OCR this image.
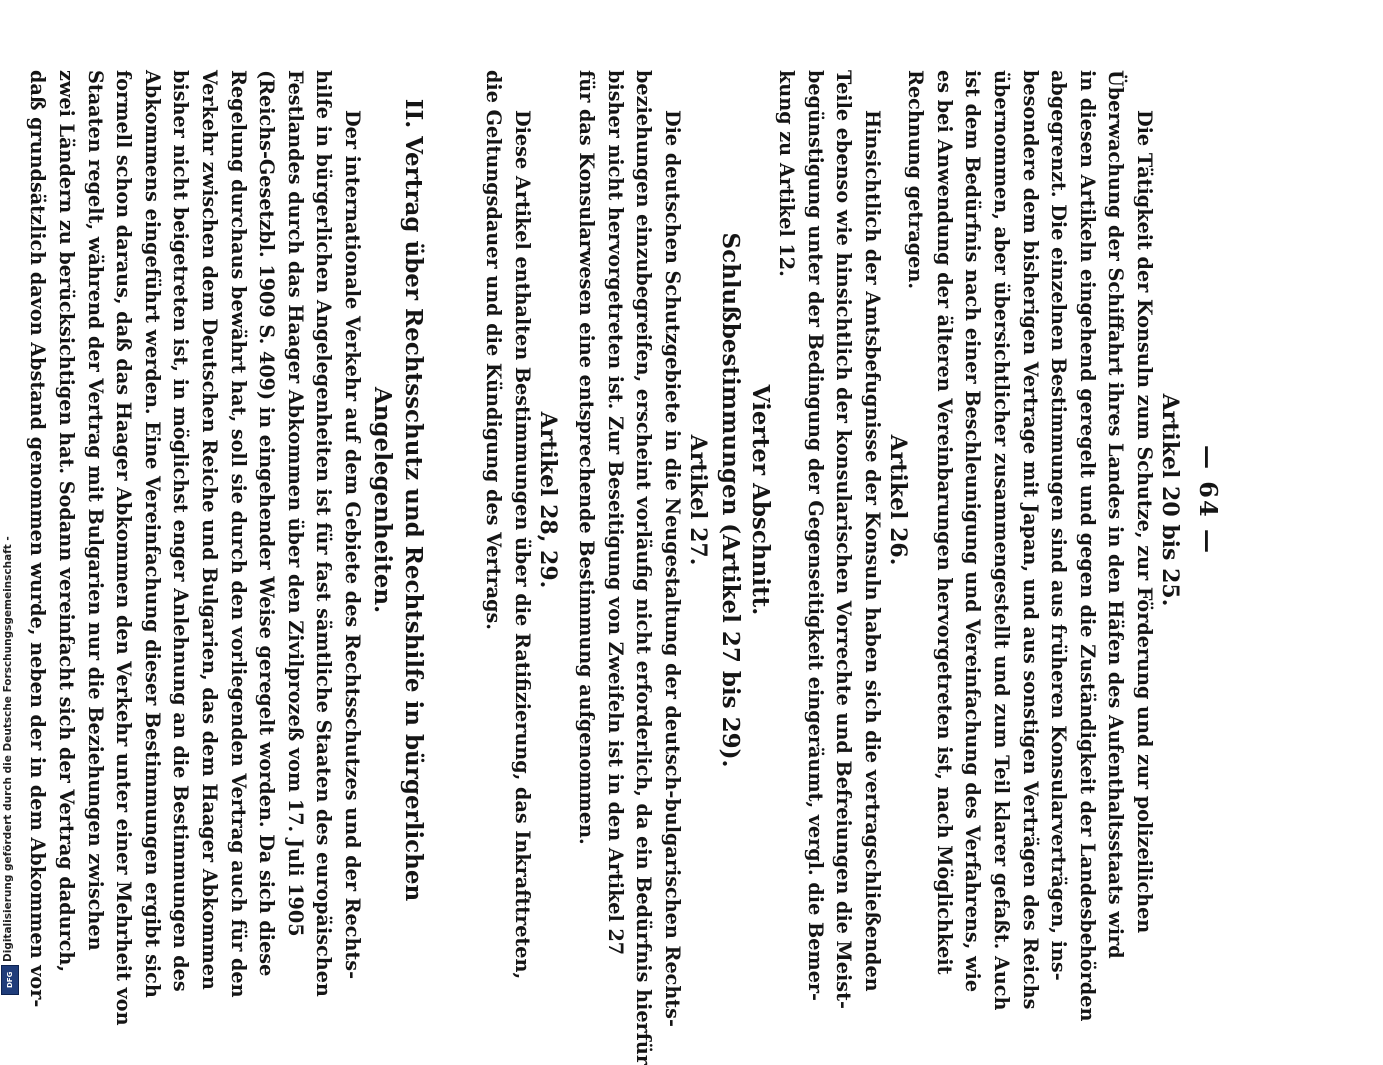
— 64 —
Artikel 20 bis 25.
Die Tätigkeit der Konsuln zum Schutze, zur Förderung und zur polizeilichen
Überwachung der Schiffahrt ihres Landes in den Häfen des Aufenthaltsstaats wird
in diesen Artikeln eingehend geregelt und gegen die Zuständigkeit der Landesbehörden
abgegrenzt. Die einzelnen Bestimmungen sind aus früheren Konsularverträgen, ins-
besondere dem bisherigen Vertrage mit Japan, und aus sonstigen Verträgen des Reichs
übernommen, aber übersichtlicher zusammengestellt und zum Teil klarer gefaßt. Auch
ist dem Bedürfnis nach einer Beschleunigung und Vereinfachung des Verfahrens, wie
es bei Anwendung der älteren Vereinbarungen hervorgetreten ist, nach Möglichkeit
Rechnung getragen.
Artikel 26.
Hinsichtlich der Amtsbefugnisse der Konsuln haben sich die vertragschließenden
Teile ebenso wie hinsichtlich der konsularischen Vorrechte und Befreiungen die Meist-
begünstigung unter der Bedingung der Gegenseitigkeit eingeräumt, vergl. die Bemer-
kung zu Artikel 12.
Vierter Abschnitt.
Schlußbestimmungen (Artikel 27 bis 29).
Artikel 27.
Die deutschen Schutzgebiete in die Neugestaltung der deutsch-bulgarischen Rechts-
beziehungen einzubegreifen, erscheint vorläufig nicht erforderlich, da ein Bedürfnis hierfür
bisher nicht hervorgetreten ist. Zur Beseitigung von Zweifeln ist in den Artikel 27
für das Konsularwesen eine entsprechende Bestimmung aufgenommen.
Artikel 28, 29.
Diese Artikel enthalten Bestimmungen über die Ratifizierung, das Inkrafttreten,
die Geltungsdauer und die Kündigung des Vertrags.
II. Vertrag über Rechtsschutz und Rechtshilfe in bürgerlichen
Angelegenheiten.
Der internationale Verkehr auf dem Gebiete des Rechtsschutzes und der Rechts-
hilfe in bürgerlichen Angelegenheiten ist für fast sämtliche Staaten des europäischen
Festlandes durch das Haager Abkommen über den Zivilprozeß vom 17. Juli 1905
(Reichs-Gesetzbl. 1909 S. 409) in eingehender Weise geregelt worden. Da sich diese
Regelung durchaus bewährt hat, soll sie durch den vorliegenden Vertrag auch für den
Verkehr zwischen dem Deutschen Reiche und Bulgarien, das dem Haager Abkommen
bisher nicht beigetreten ist, in möglichst enger Anlehnung an die Bestimmungen des
Abkommens eingeführt werden. Eine Vereinfachung dieser Bestimmungen ergibt sich
formell schon daraus, daß das Haager Abkommen den Verkehr unter einer Mehrheit von
Staaten regelt, während der Vertrag mit Bulgarien nur die Beziehungen zwischen
zwei Ländern zu berücksichtigen hat. Sodann vereinfacht sich der Vertrag dadurch,
daß grundsätzlich davon Abstand genommen wurde, neben der in dem Abkommen vor-
Digitalisierung gefördert durch die Deutsche Forschungsgemeinschaft -
DFG
